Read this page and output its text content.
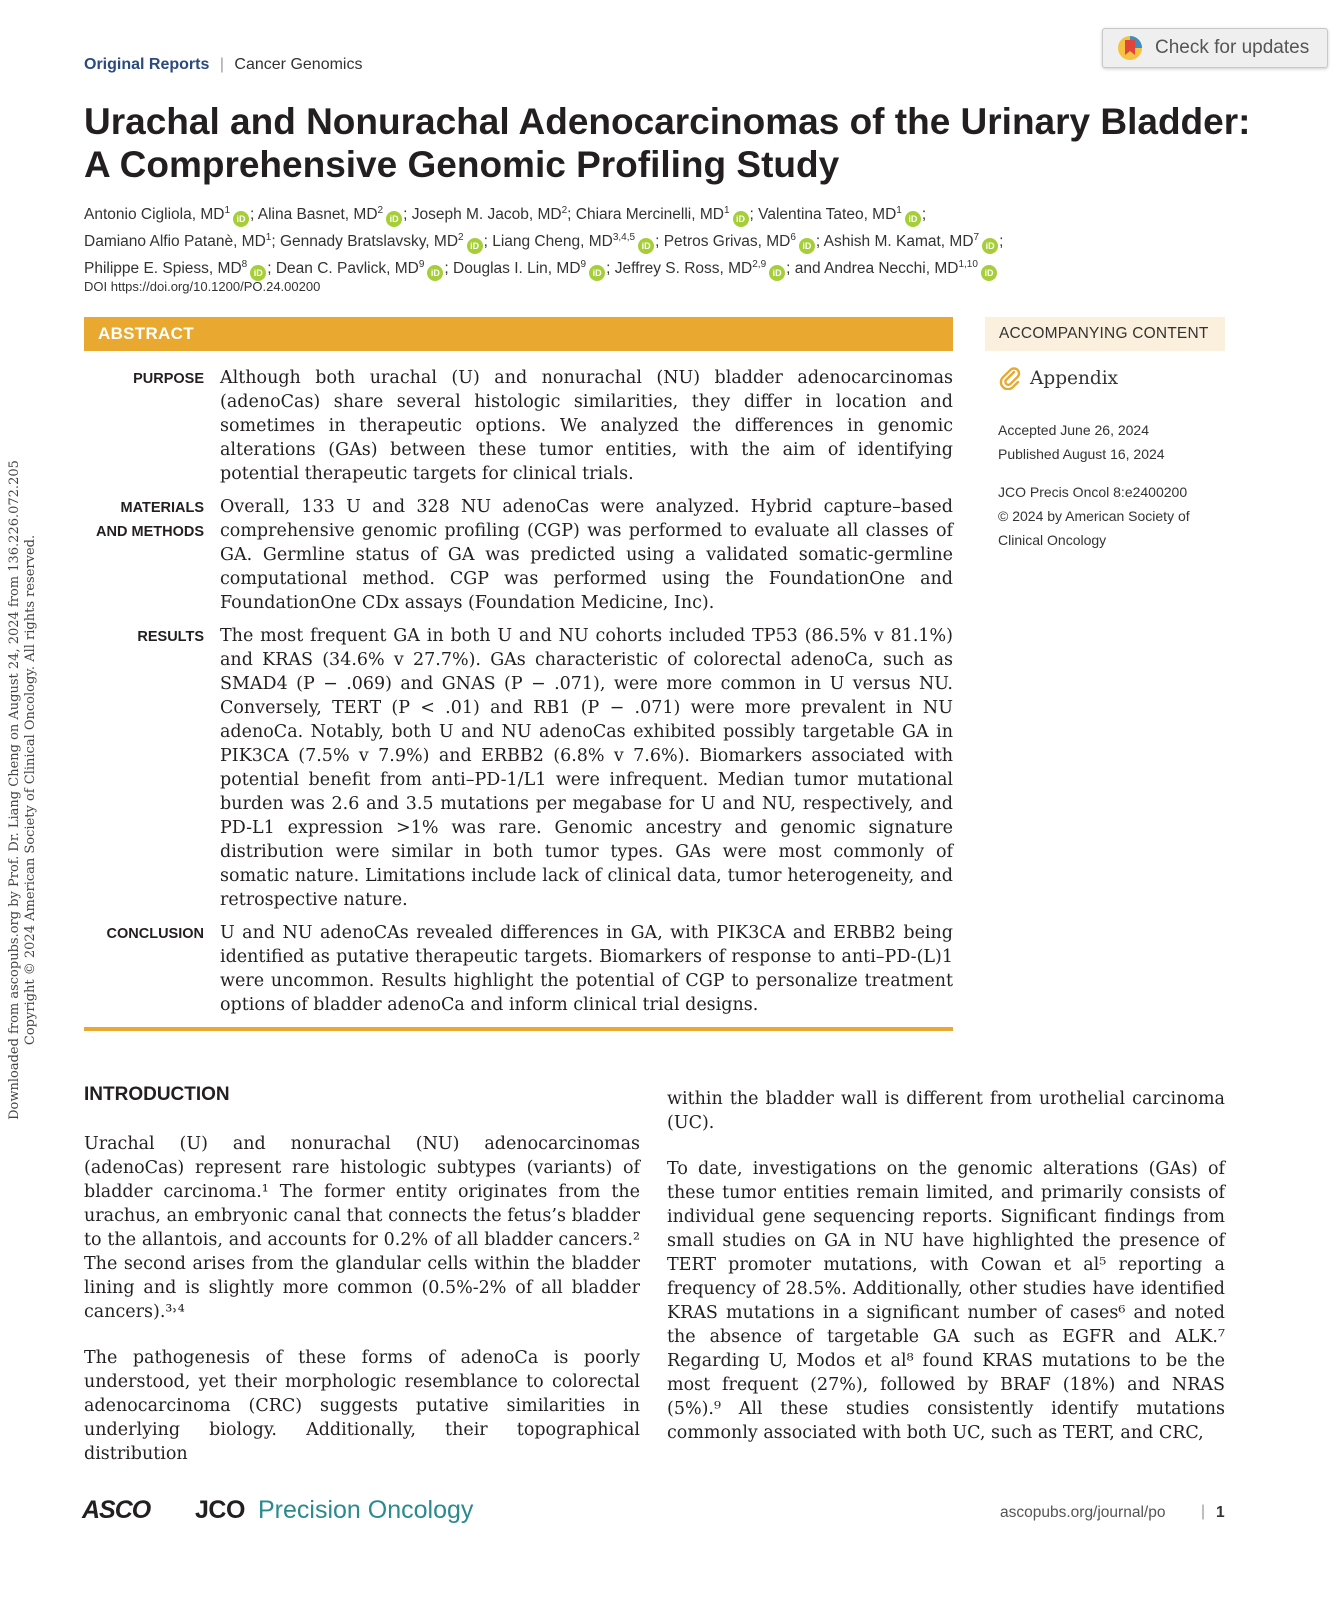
Original Reports | Cancer Genomics
Check for updates
Urachal and Nonurachal Adenocarcinomas of the Urinary Bladder: A Comprehensive Genomic Profiling Study
Antonio Cigliola, $MD^1iD$ ; Alina Basnet, $MD^2iD$ ; Joseph M. Jacob, $MD^2$; Chiara Mercinelli, $MD^1iD$ ; Valentina Tateo, $MD^1iD$ ;
Damiano Alfio Patanè, $MD^1$; Gennady Bratslavsky, $MD^2iD$ ; Liang Cheng, MD$^{3,4,5}$iD ; Petros Grivas, $MD^6iD$ ; Ashish M. Kamat, $MD^7iD$ ;
Philippe E. Spiess, $MD^8iD$ ; Dean C. Pavlick, $MD^9iD$ ; Douglas I. Lin, $MD^9iD$ ; Jeffrey S. Ross, MD$^{2,9}$iD ; and Andrea Necchi, MD$^{1,10}$iD
DOI https://doi.org/10.1200/PO.24.00200
ABSTRACT
PURPOSE Although both urachal (U) and nonurachal (NU) bladder adenocarcinomas (adenoCas) share several histologic similarities, they differ in location and sometimes in therapeutic options. We analyzed the differences in genomic alterations (GAs) between these tumor entities, with the aim of identifying potential therapeutic targets for clinical trials.
MATERIALS
AND METHODS
Overall, 133 U and 328 NU adenoCas were analyzed. Hybrid capture–based comprehensive genomic profiling (CGP) was performed to evaluate all classes of GA. Germline status of GA was predicted using a validated somatic-germline computational method. CGP was performed using the FoundationOne and FoundationOne CDx assays (Foundation Medicine, Inc).
RESULTS The most frequent GA in both U and NU cohorts included TP53 (86.5% v 81.1%) and KRAS (34.6% v 27.7%). GAs characteristic of colorectal adenoCa, such as SMAD4 (P − .069) and GNAS (P − .071), were more common in U versus NU. Conversely, TERT (P < .01) and RB1 (P − .071) were more prevalent in NU adenoCa. Notably, both U and NU adenoCas exhibited possibly targetable GA in PIK3CA (7.5% v 7.9%) and ERBB2 (6.8% v 7.6%). Biomarkers associated with potential benefit from anti–PD-1/L1 were infrequent. Median tumor mutational burden was 2.6 and 3.5 mutations per megabase for U and NU, respectively, and PD-L1 expression >1% was rare. Genomic ancestry and genomic signature distribution were similar in both tumor types. GAs were most commonly of somatic nature. Limitations include lack of clinical data, tumor heterogeneity, and retrospective nature.
CONCLUSION U and NU adenoCAs revealed differences in GA, with PIK3CA and ERBB2 being identified as putative therapeutic targets. Biomarkers of response to anti–PD-(L)1 were uncommon. Results highlight the potential of CGP to personalize treatment options of bladder adenoCa and inform clinical trial designs.
ACCOMPANYING CONTENT
Appendix
Accepted June 26, 2024
Published August 16, 2024
JCO Precis Oncol 8:e2400200
© 2024 by American Society of Clinical Oncology
Downloaded from ascopubs.org by Prof. Dr. Liang Cheng on August 24, 2024 from 136.226.072.205 Copyright © 2024 American Society of Clinical Oncology. All rights reserved.
INTRODUCTION

Urachal (U) and nonurachal (NU) adenocarcinomas (adenoCas) represent rare histologic subtypes (variants) of bladder carcinoma.¹ The former entity originates from the urachus, an embryonic canal that connects the fetus’s bladder to the allantois, and accounts for 0.2% of all bladder cancers.² The second arises from the glandular cells within the bladder lining and is slightly more common (0.5%-2% of all bladder cancers).³˒⁴

The pathogenesis of these forms of adenoCa is poorly understood, yet their morphologic resemblance to colorectal adenocarcinoma (CRC) suggests putative similarities in underlying biology. Additionally, their topographical distribution

within the bladder wall is different from urothelial carcinoma (UC).

To date, investigations on the genomic alterations (GAs) of these tumor entities remain limited, and primarily consists of individual gene sequencing reports. Significant findings from small studies on GA in NU have highlighted the presence of TERT promoter mutations, with Cowan et al⁵ reporting a frequency of 28.5%. Additionally, other studies have identified KRAS mutations in a significant number of cases⁶ and noted the absence of targetable GA such as EGFR and ALK.⁷ Regarding U, Modos et al⁸ found KRAS mutations to be the most frequent (27%), followed by BRAF (18%) and NRAS (5%).⁹ All these studies consistently identify mutations commonly associated with both UC, such as TERT, and CRC,

ASCO JCO Precision Oncology	ascopubs.org/journal/po | 1
